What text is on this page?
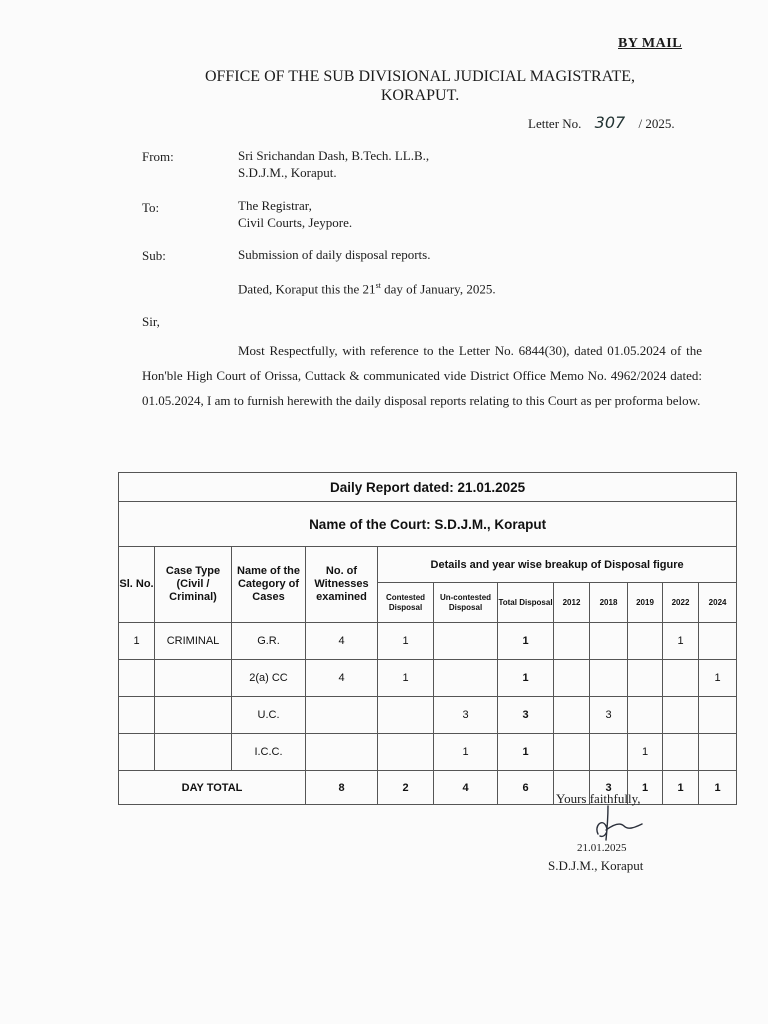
BY MAIL
OFFICE OF THE SUB DIVISIONAL JUDICIAL MAGISTRATE,
KORAPUT.
Letter No. 307 / 2025.
From:	Sri Srichandan Dash, B.Tech. LL.B.,
S.D.J.M., Koraput.
To:	The Registrar,
Civil Courts, Jeypore.
Sub:	Submission of daily disposal reports.
Dated, Koraput this the 21st day of January, 2025.
Sir,
Most Respectfully, with reference to the Letter No. 6844(30), dated 01.05.2024 of the Hon'ble High Court of Orissa, Cuttack & communicated vide District Office Memo No. 4962/2024 dated: 01.05.2024, I am to furnish herewith the daily disposal reports relating to this Court as per proforma below.
Daily Report dated: 21.01.2025											
Name of the Court: S.D.J.M., Koraput											
Sl. No.	Case Type (Civil / Criminal)	Name of the Category of Cases	No. of Witnesses examined	Details and year wise breakup of Disposal figure							
				Contested Disposal	Un-contested Disposal	Total Disposal	2012	2018	2019	2022	2024
1	CRIMINAL	G.R.	4	1		1				1	
		2(a) CC	4	1		1					1
		U.C.			3	3		3			
		I.C.C.			1	1			1		
DAY TOTAL			8	2	4	6		3	1	1	1
Yours faithfully,
21.01.2025
S.D.J.M., Koraput
